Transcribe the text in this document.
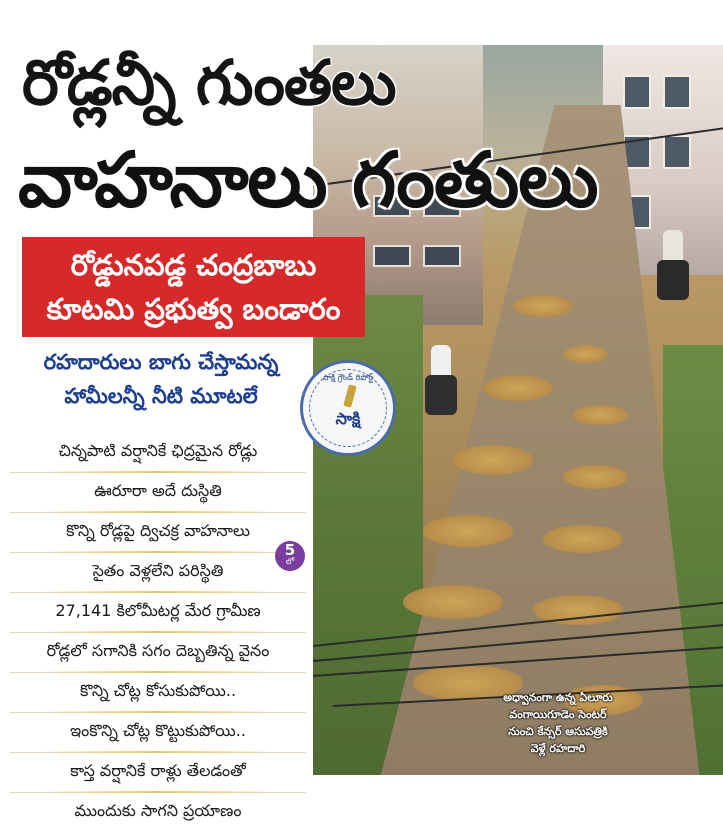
రోడ్లన్నీ గుంతలు
వాహనాలు గంతులు
రోడ్డునపడ్డ చంద్రబాబు
కూటమి ప్రభుత్వ బండారం
రహదారులు బాగు చేస్తామన్న
హామీలన్నీ నీటి మూటలే
చిన్నపాటి వర్షానికే ఛిద్రమైన రోడ్లు
ఊరూరా అదే దుస్థితి
కొన్ని రోడ్లపై ద్విచక్ర వాహనాలు
సైతం వెళ్లలేని పరిస్థితి
27,141 కిలోమీటర్ల మేర గ్రామీణ
రోడ్లలో సగానికి సగం దెబ్బతిన్న వైనం
కొన్ని చోట్ల కోసుకుపోయి..
ఇంకొన్ని చోట్ల కొట్టుకుపోయి..
కాస్త వర్షానికే రాళ్లు తేలడంతో
ముందుకు సాగని ప్రయాణం
5
లో
సాక్షి గ్రౌండ్ రిపోర్ట్
సాక్షి
అధ్వానంగా ఉన్న ఏలూరు
వంగాయిగూడెం సెంటర్
నుంచి కేన్సర్ ఆసుపత్రికి
వెళ్లే రహదారి
